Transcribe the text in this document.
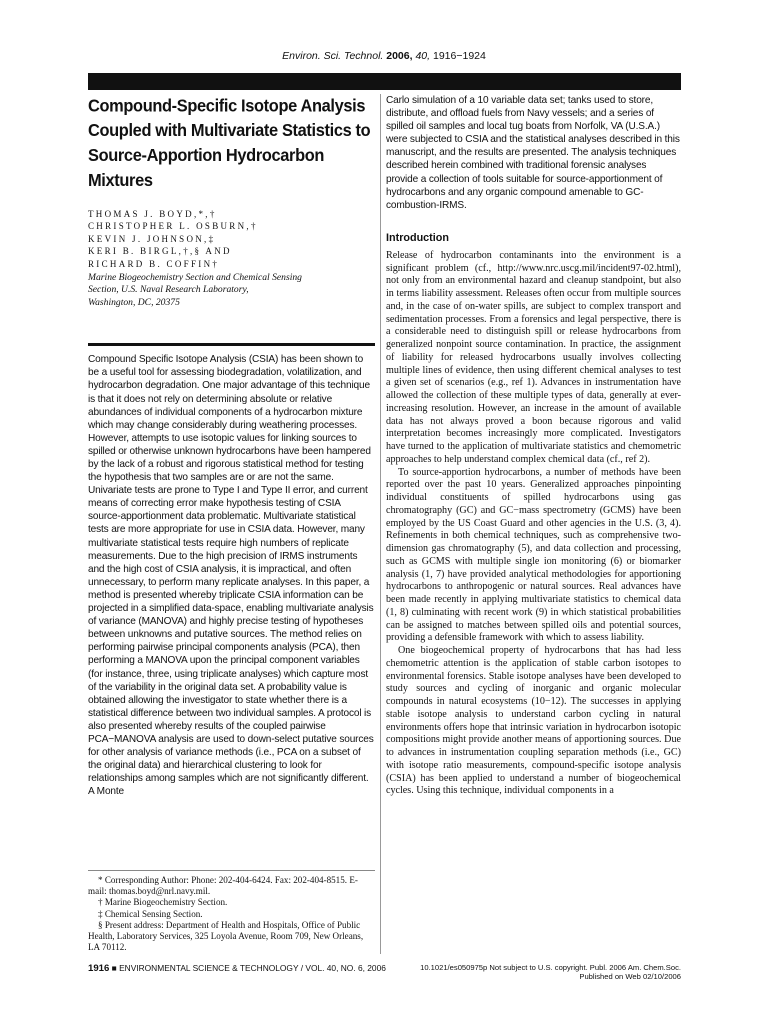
Environ. Sci. Technol. 2006, 40, 1916−1924
Compound-Specific Isotope Analysis Coupled with Multivariate Statistics to Source-Apportion Hydrocarbon Mixtures
THOMAS J. BOYD,*,†
CHRISTOPHER L. OSBURN,†
KEVIN J. JOHNSON,‡
KERI B. BIRGL,†,§ AND
RICHARD B. COFFIN†
Marine Biogeochemistry Section and Chemical Sensing
Section, U.S. Naval Research Laboratory,
Washington, DC, 20375
Compound Specific Isotope Analysis (CSIA) has been shown to be a useful tool for assessing biodegradation, volatilization, and hydrocarbon degradation. One major advantage of this technique is that it does not rely on determining absolute or relative abundances of individual components of a hydrocarbon mixture which may change considerably during weathering processes. However, attempts to use isotopic values for linking sources to spilled or otherwise unknown hydrocarbons have been hampered by the lack of a robust and rigorous statistical method for testing the hypothesis that two samples are or are not the same. Univariate tests are prone to Type I and Type II error, and current means of correcting error make hypothesis testing of CSIA source-apportionment data problematic. Multivariate statistical tests are more appropriate for use in CSIA data. However, many multivariate statistical tests require high numbers of replicate measurements. Due to the high precision of IRMS instruments and the high cost of CSIA analysis, it is impractical, and often unnecessary, to perform many replicate analyses. In this paper, a method is presented whereby triplicate CSIA information can be projected in a simplified data-space, enabling multivariate analysis of variance (MANOVA) and highly precise testing of hypotheses between unknowns and putative sources. The method relies on performing pairwise principal components analysis (PCA), then performing a MANOVA upon the principal component variables (for instance, three, using triplicate analyses) which capture most of the variability in the original data set. A probability value is obtained allowing the investigator to state whether there is a statistical difference between two individual samples. A protocol is also presented whereby results of the coupled pairwise PCA−MANOVA analysis are used to down-select putative sources for other analysis of variance methods (i.e., PCA on a subset of the original data) and hierarchical clustering to look for relationships among samples which are not significantly different. A Monte

* Corresponding Author: Phone: 202-404-6424. Fax: 202-404-8515. E-mail: thomas.boyd@nrl.navy.mil.

† Marine Biogeochemistry Section.

‡ Chemical Sensing Section.

§ Present address: Department of Health and Hospitals, Office of Public Health, Laboratory Services, 325 Loyola Avenue, Room 709, New Orleans, LA 70112.

Carlo simulation of a 10 variable data set; tanks used to store, distribute, and offload fuels from Navy vessels; and a series of spilled oil samples and local tug boats from Norfolk, VA (U.S.A.) were subjected to CSIA and the statistical analyses described in this manuscript, and the results are presented. The analysis techniques described herein combined with traditional forensic analyses provide a collection of tools suitable for source-apportionment of hydrocarbons and any organic compound amenable to GC-combustion-IRMS.
Introduction

Release of hydrocarbon contaminants into the environment is a significant problem (cf., http://www.nrc.uscg.mil/incident97-02.html), not only from an environmental hazard and cleanup standpoint, but also in terms liability assessment. Releases often occur from multiple sources and, in the case of on-water spills, are subject to complex transport and sedimentation processes. From a forensics and legal perspective, there is a considerable need to distinguish spill or release hydrocarbons from generalized nonpoint source contamination. In practice, the assignment of liability for released hydrocarbons usually involves collecting multiple lines of evidence, then using different chemical analyses to test a given set of scenarios (e.g., ref 1). Advances in instrumentation have allowed the collection of these multiple types of data, generally at ever-increasing resolution. However, an increase in the amount of available data has not always proved a boon because rigorous and valid interpretation becomes increasingly more complicated. Investigators have turned to the application of multivariate statistics and chemometric approaches to help understand complex chemical data (cf., ref 2).

To source-apportion hydrocarbons, a number of methods have been reported over the past 10 years. Generalized approaches pinpointing individual constituents of spilled hydrocarbons using gas chromatography (GC) and GC−mass spectrometry (GCMS) have been employed by the US Coast Guard and other agencies in the U.S. (3, 4). Refinements in both chemical techniques, such as comprehensive two-dimension gas chromatography (5), and data collection and processing, such as GCMS with multiple single ion monitoring (6) or biomarker analysis (1, 7) have provided analytical methodologies for apportioning hydrocarbons to anthropogenic or natural sources. Real advances have been made recently in applying multivariate statistics to chemical data (1, 8) culminating with recent work (9) in which statistical probabilities can be assigned to matches between spilled oils and potential sources, providing a defensible framework with which to assess liability.

One biogeochemical property of hydrocarbons that has had less chemometric attention is the application of stable carbon isotopes to environmental forensics. Stable isotope analyses have been developed to study sources and cycling of inorganic and organic molecular compounds in natural ecosystems (10−12). The successes in applying stable isotope analysis to understand carbon cycling in natural environments offers hope that intrinsic variation in hydrocarbon isotopic compositions might provide another means of apportioning sources. Due to advances in instrumentation coupling separation methods (i.e., GC) with isotope ratio measurements, compound-specific isotope analysis (CSIA) has been applied to understand a number of biogeochemical cycles. Using this technique, individual components in a

1916 ■ ENVIRONMENTAL SCIENCE & TECHNOLOGY / VOL. 40, NO. 6, 2006	10.1021/es050975p Not subject to U.S. copyright. Publ. 2006 Am. Chem.Soc.
Published on Web 02/10/2006
